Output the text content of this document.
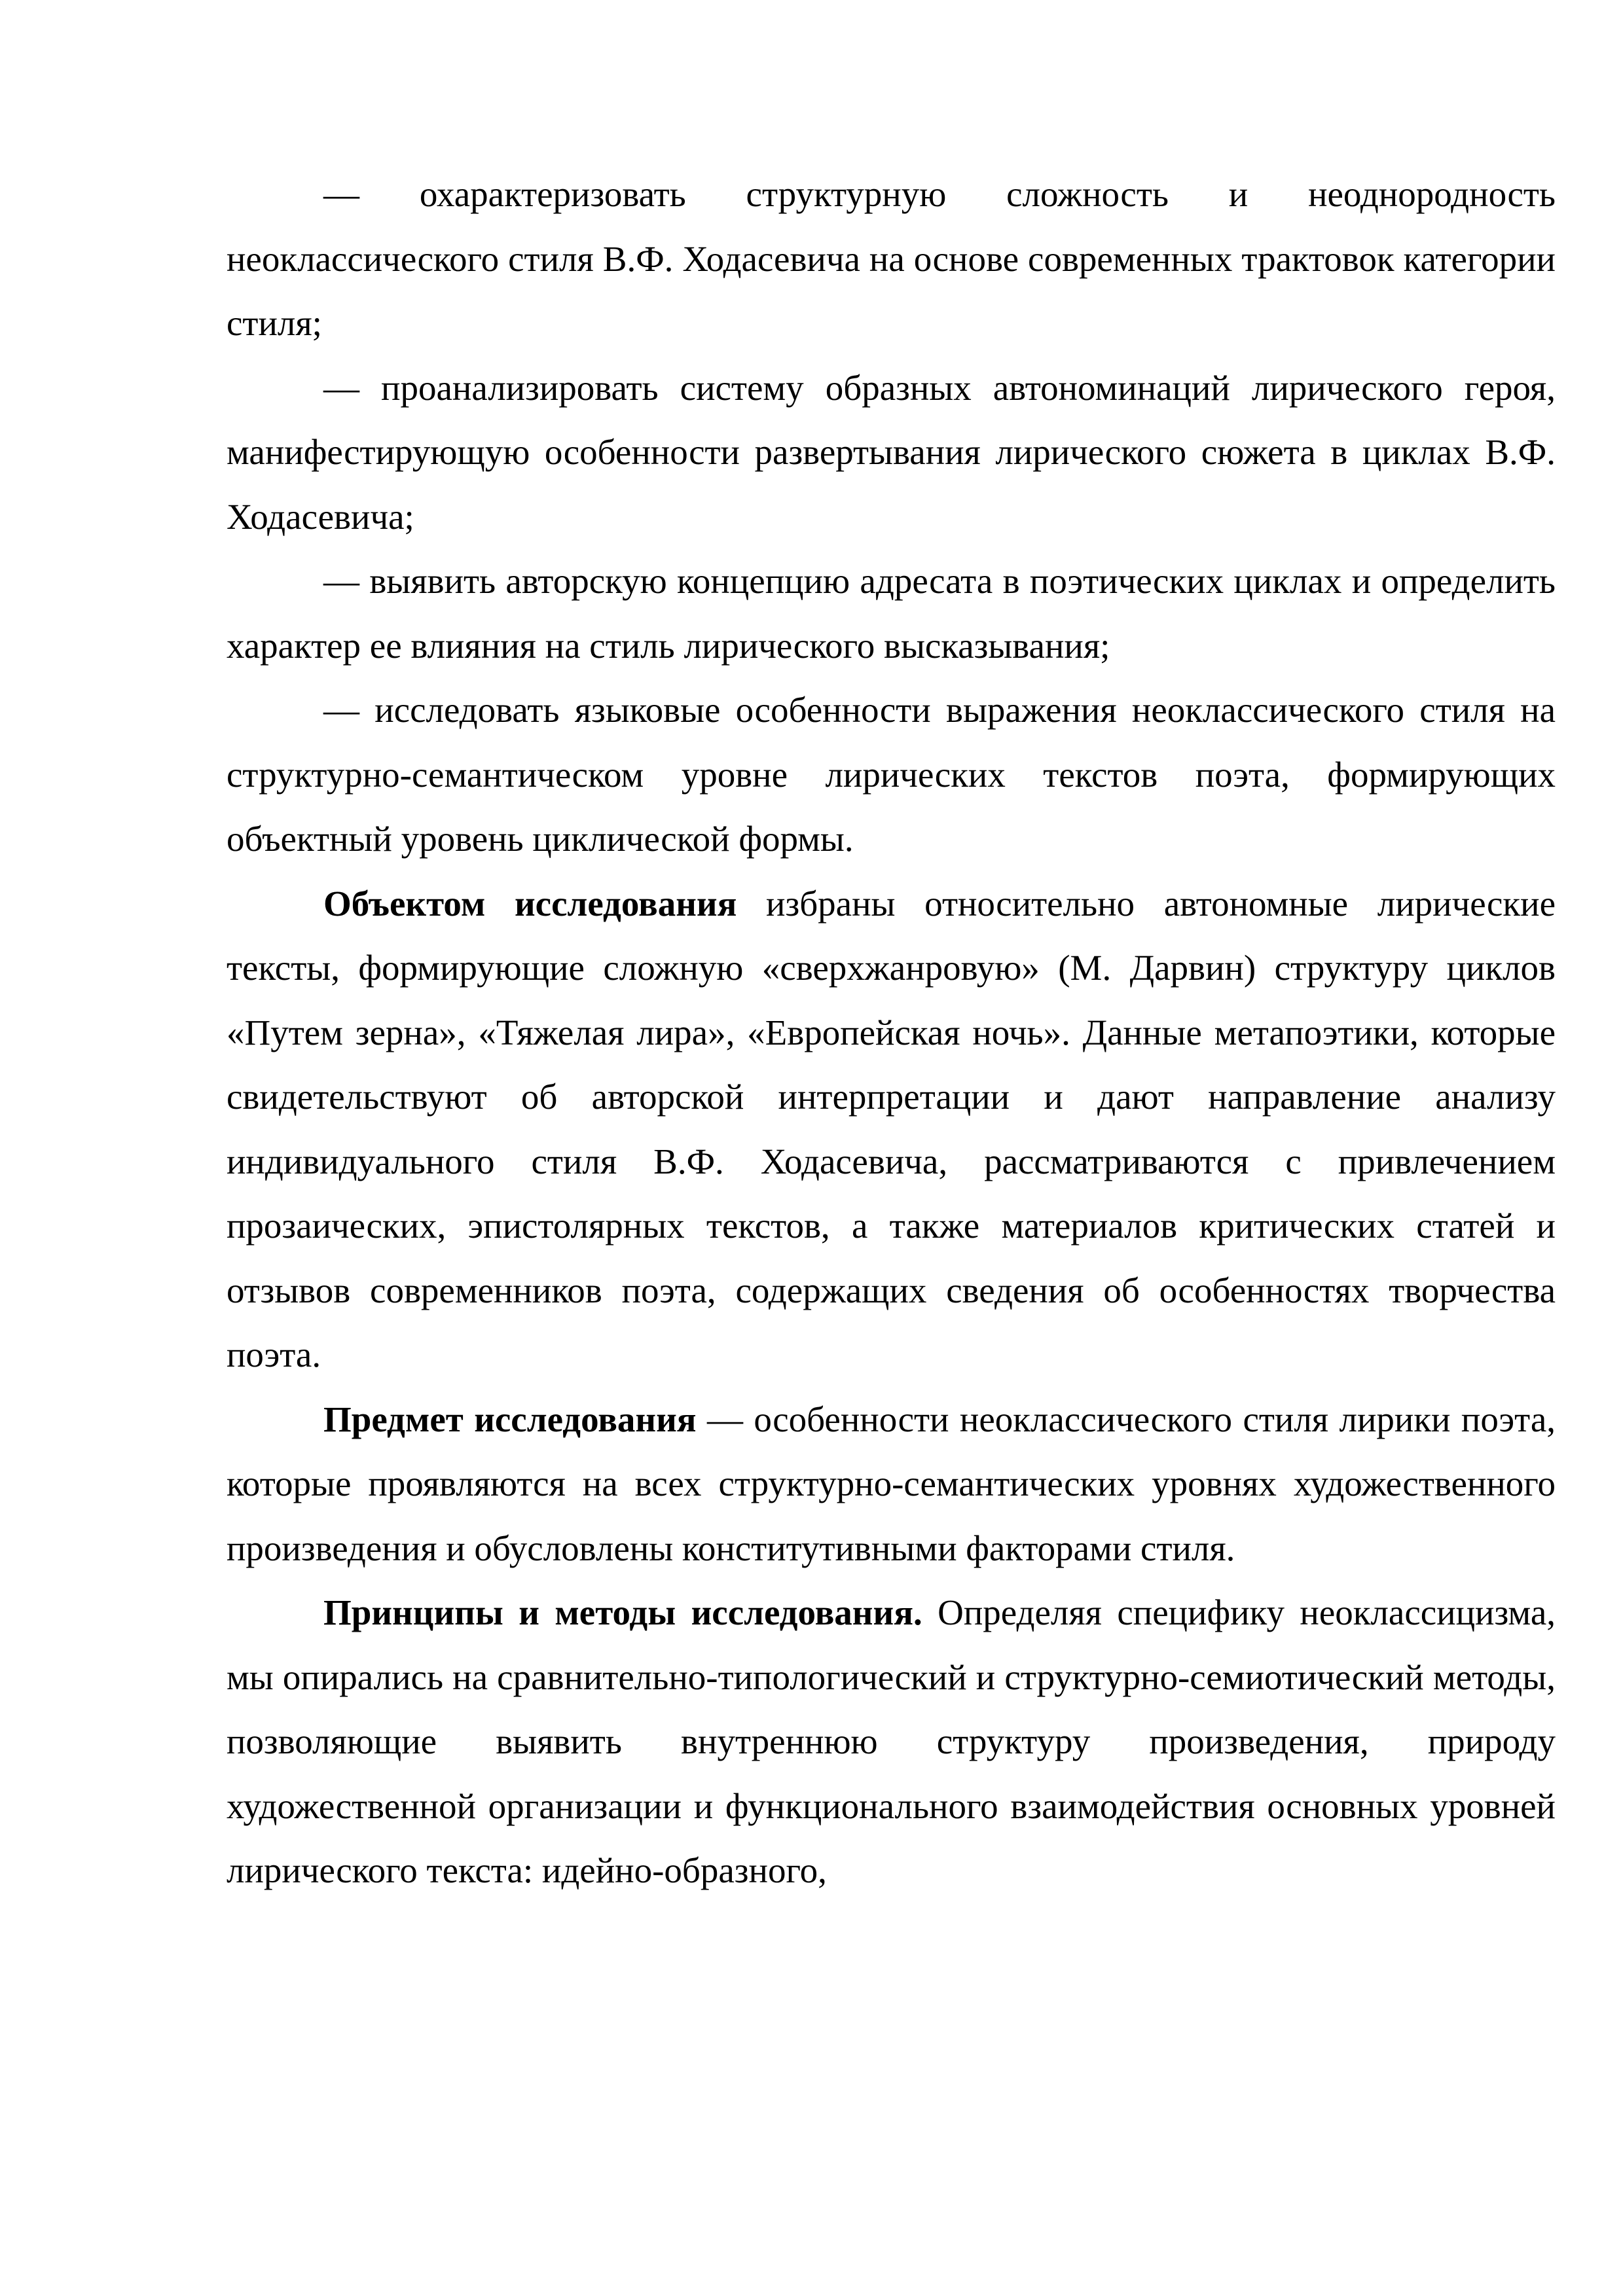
— охарактеризовать структурную сложность и неоднородность неоклассического стиля В.Ф. Ходасевича на основе современных трактовок категории стиля;

— проанализировать систему образных автономинаций лирического героя, манифестирующую особенности развертывания лирического сюжета в циклах В.Ф. Ходасевича;

— выявить авторскую концепцию адресата в поэтических циклах и определить характер ее влияния на стиль лирического высказывания;

— исследовать языковые особенности выражения неоклассического стиля на структурно-семантическом уровне лирических текстов поэта, формирующих объектный уровень циклической формы.

Объектом исследования избраны относительно автономные лирические тексты, формирующие сложную «сверхжанровую» (М. Дарвин) структуру циклов «Путем зерна», «Тяжелая лира», «Европейская ночь». Данные метапоэтики, которые свидетельствуют об авторской интерпретации и дают направление анализу индивидуального стиля В.Ф. Ходасевича, рассматриваются с привлечением прозаических, эпистолярных текстов, а также материалов критических статей и отзывов современников поэта, содержащих сведения об особенностях творчества поэта.

Предмет исследования — особенности неоклассического стиля лирики поэта, которые проявляются на всех структурно-семантических уровнях художественного произведения и обусловлены конститутивными факторами стиля.

Принципы и методы исследования. Определяя специфику неоклассицизма, мы опирались на сравнительно-типологический и структурно-семиотический методы, позволяющие выявить внутреннюю структуру произведения, природу художественной организации и функционального взаимодействия основных уровней лирического текста: идейно-образного,
